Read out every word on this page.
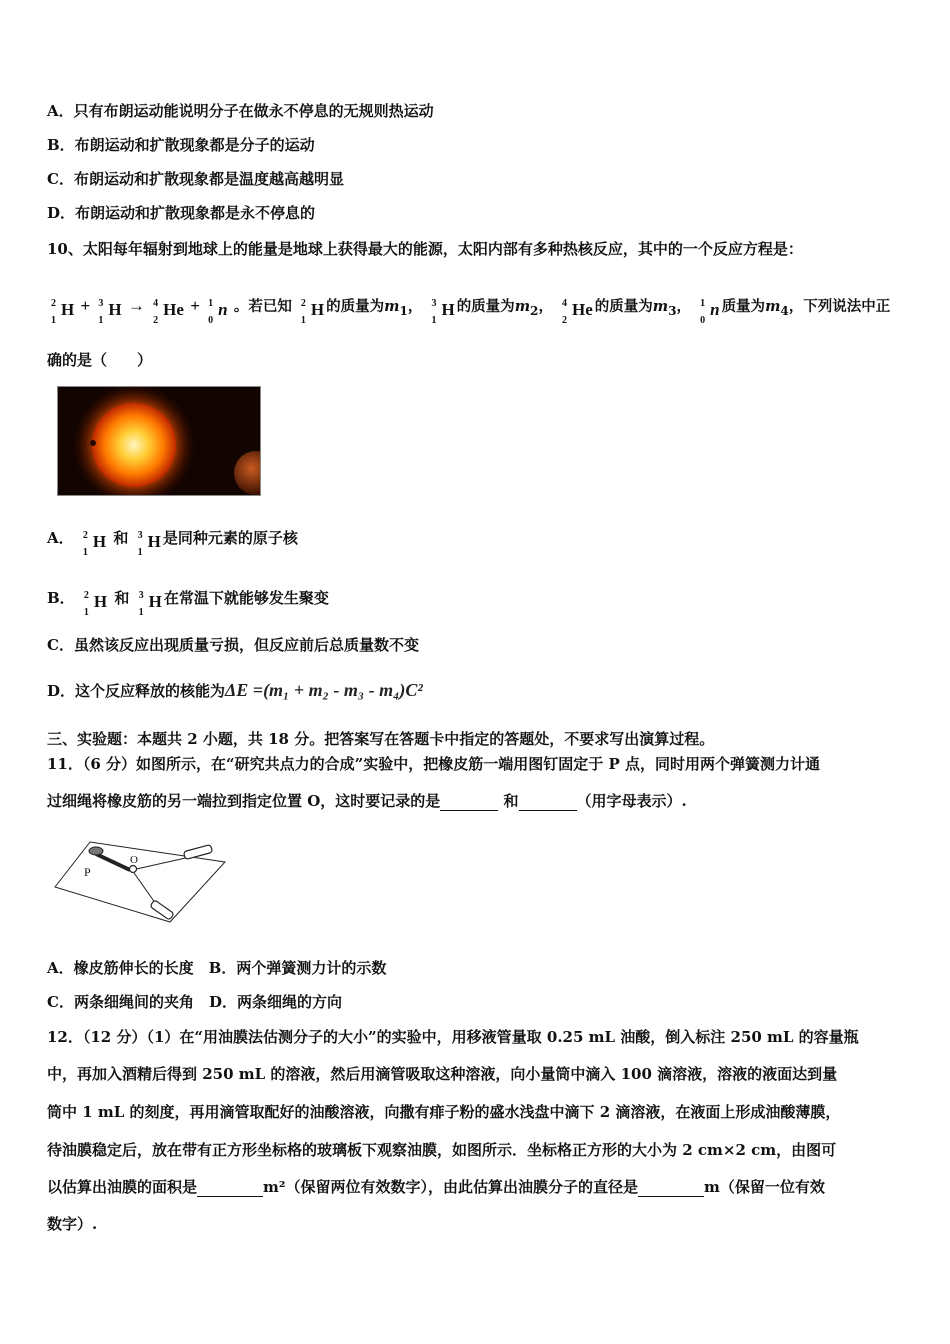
A．只有布朗运动能说明分子在做永不停息的无规则热运动
B．布朗运动和扩散现象都是分子的运动
C．布朗运动和扩散现象都是温度越高越明显
D．布朗运动和扩散现象都是永不停息的
10、太阳每年辐射到地球上的能量是地球上获得最大的能源，太阳内部有多种热核反应，其中的一个反应方程是：
2
1
H + 3
1
H → 4
2
He + 1
0
n 。若已知 2
1
H 的质量为$m_1$， 3
1
H 的质量为$m_2$， 4
2
He 的质量为$m_3$， 1
0
n 质量为$m_4$，下列说法中正
确的是（　　）
A． 2
1
H 和 3
1
H 是同种元素的原子核
B． 2
1
H 和 3
1
H 在常温下就能够发生聚变
C．虽然该反应出现质量亏损，但反应前后总质量数不变
D．这个反应释放的核能为ΔE =(m₁ + m₂ - m₃ - m₄)C²
三、实验题：本题共 2 小题，共 18 分。把答案写在答题卡中指定的答题处，不要求写出演算过程。
11．（6 分）如图所示，在“研究共点力的合成”实验中，把橡皮筋一端用图钉固定于 P 点，同时用两个弹簧测力计通
过细绳将橡皮筋的另一端拉到指定位置 O，这时要记录的是	和	（用字母表示）.
P
O
A．橡皮筋伸长的长度　 B．两个弹簧测力计的示数
C．两条细绳间的夹角　 D．两条细绳的方向
12．（12 分）（1）在“用油膜法估测分子的大小”的实验中，用移液管量取 0.25 mL 油酸，倒入标注 250 mL 的容量瓶
中，再加入酒精后得到 250 mL 的溶液，然后用滴管吸取这种溶液，向小量筒中滴入 100 滴溶液，溶液的液面达到量
筒中 1 mL 的刻度，再用滴管取配好的油酸溶液，向撒有痱子粉的盛水浅盘中滴下 2 滴溶液，在液面上形成油酸薄膜，
待油膜稳定后，放在带有正方形坐标格的玻璃板下观察油膜，如图所示．坐标格正方形的大小为 2 cm×2 cm，由图可
以估算出油膜的面积是	m²（保留两位有效数字），由此估算出油膜分子的直径是	m（保留一位有效
数字）.
